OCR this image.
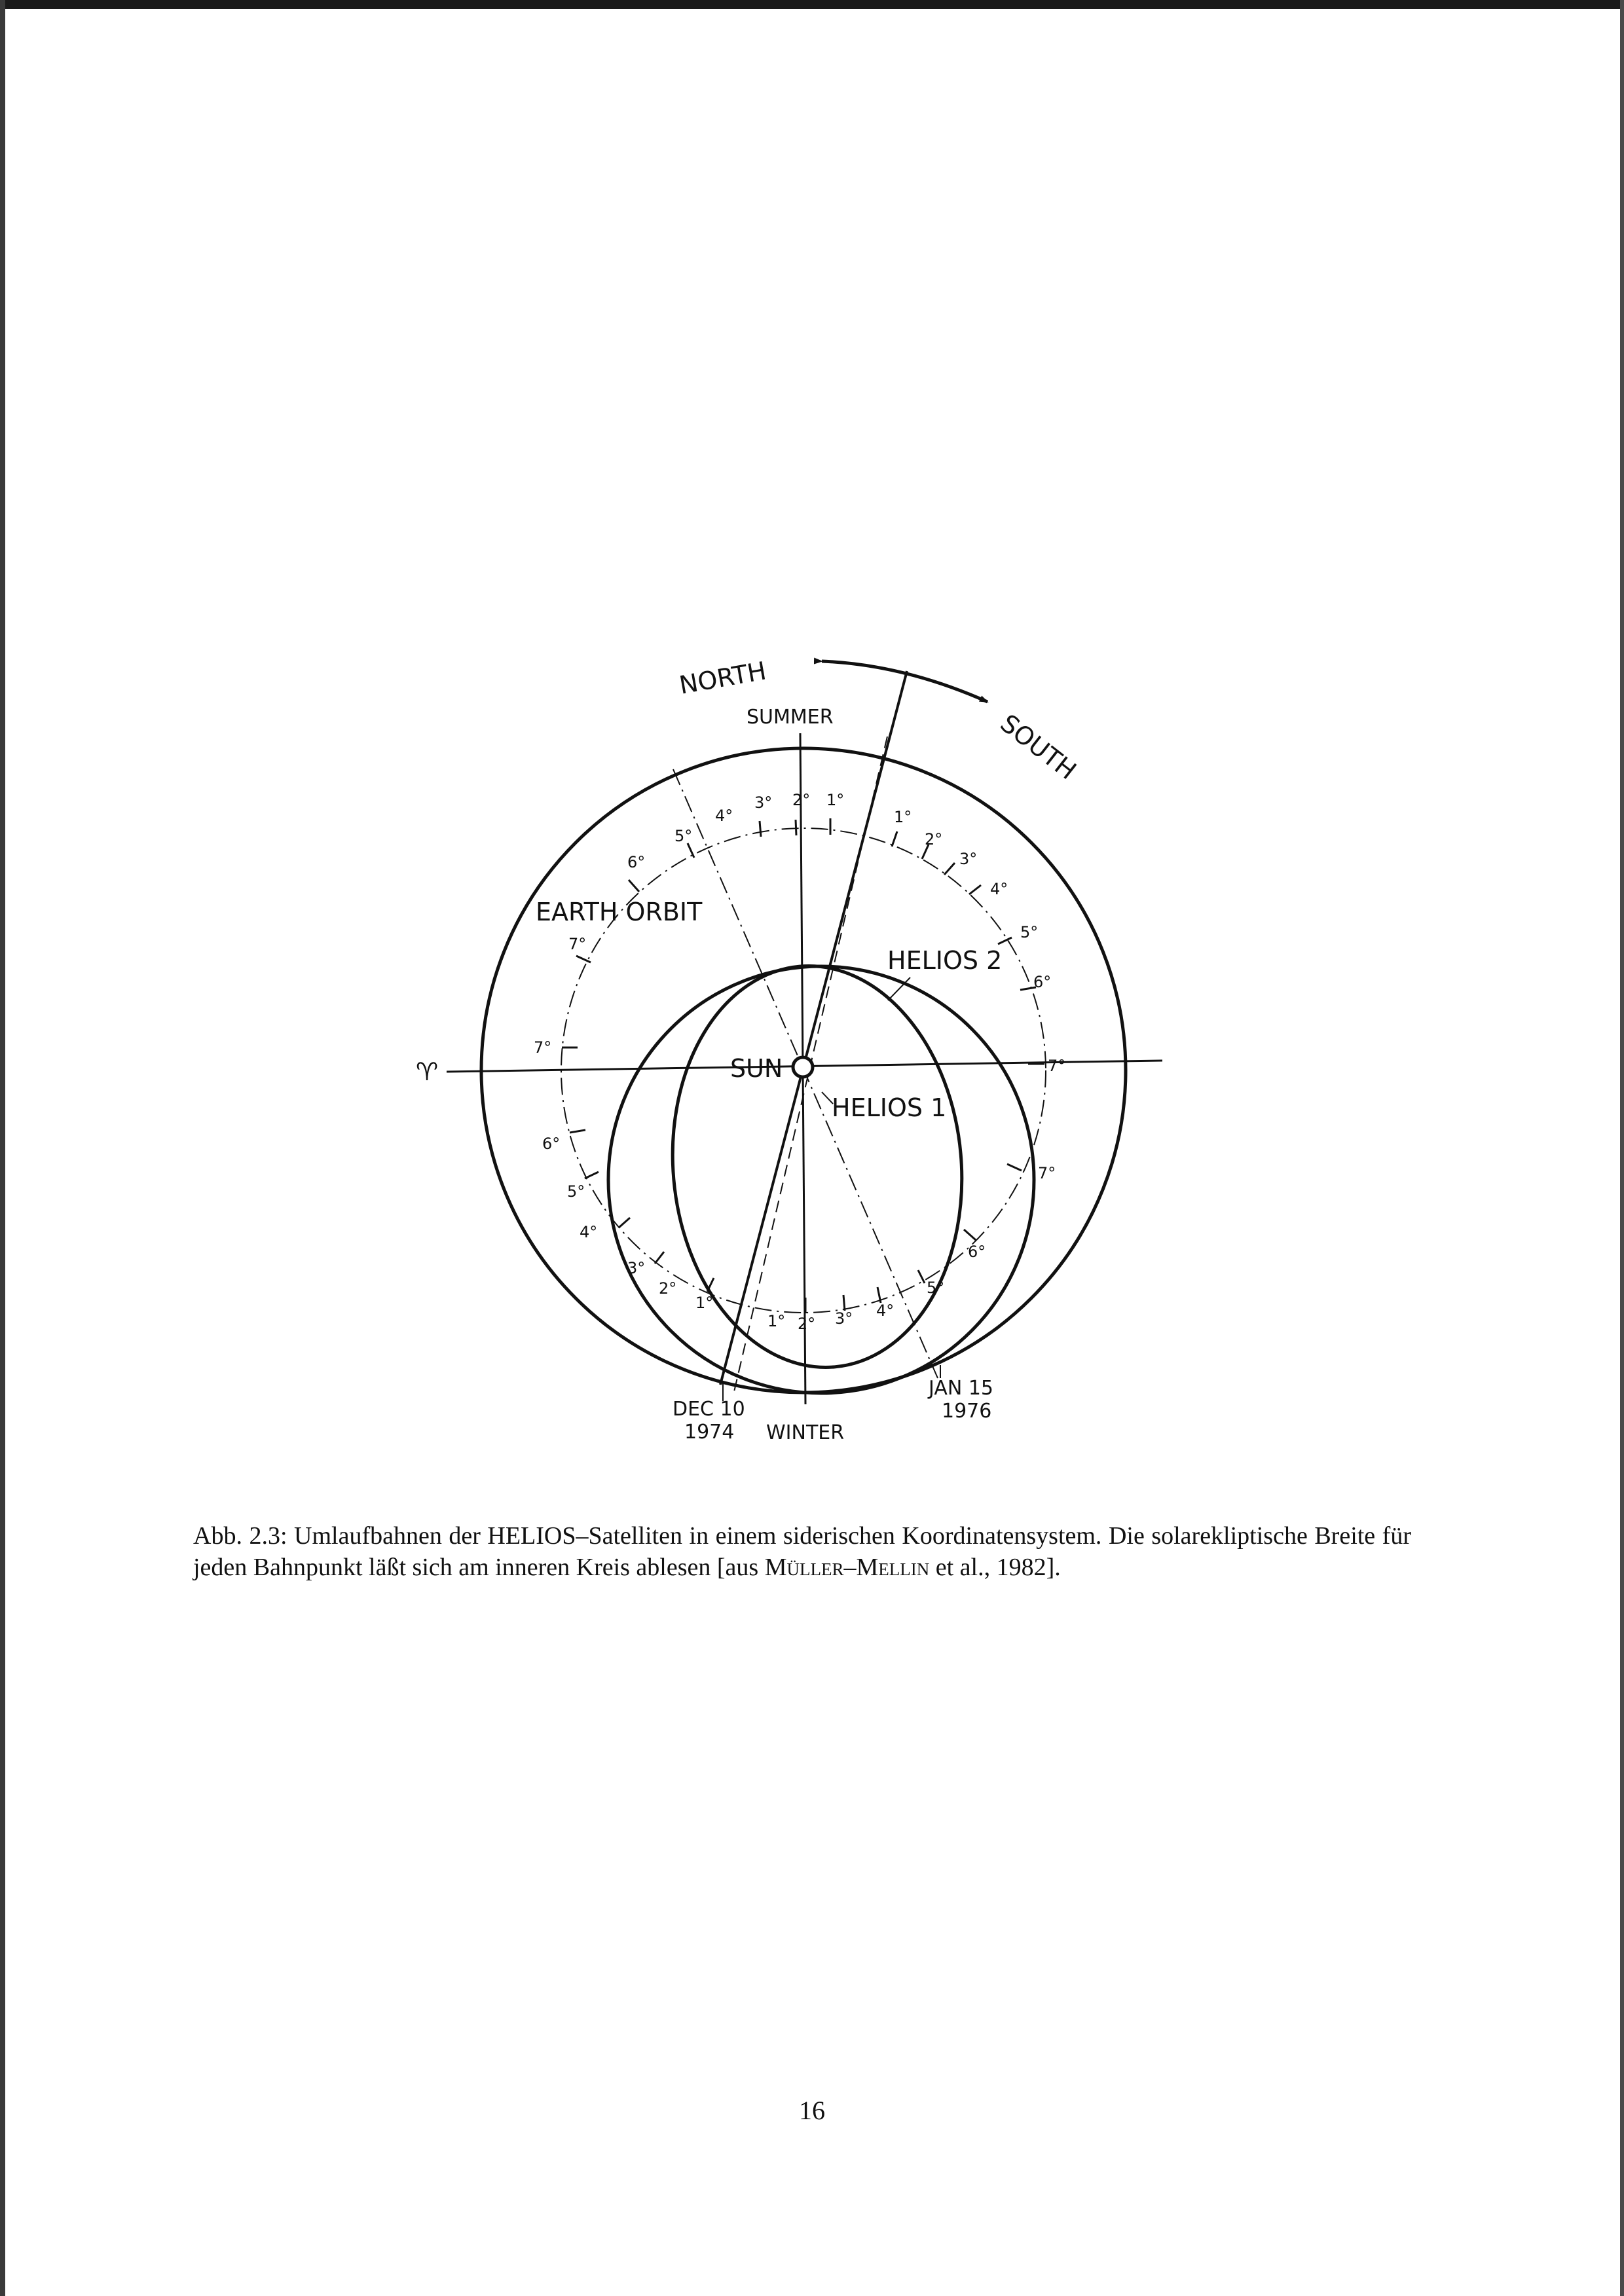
NORTH
SOUTH
SUMMER
WINTER
EARTH ORBIT
HELIOS 2
HELIOS 1
SUN
♈
DEC 10
1974
JAN 15
1976
5°
6°
4°
3° 2° 1°
1°
2°
3°
4°
5°
6°
7°
7°
7°
6°
5°
4°
3°
2°
1°
1° 2° 3° 4°
5°
6°
7°
Abb. 2.3: Umlaufbahnen der HELIOS–Satelliten in einem siderischen Koordinatensystem. Die solarekliptische Breite für jeden Bahnpunkt läßt sich am inneren Kreis ablesen [aus Müller–Mellin et al., 1982].
16
